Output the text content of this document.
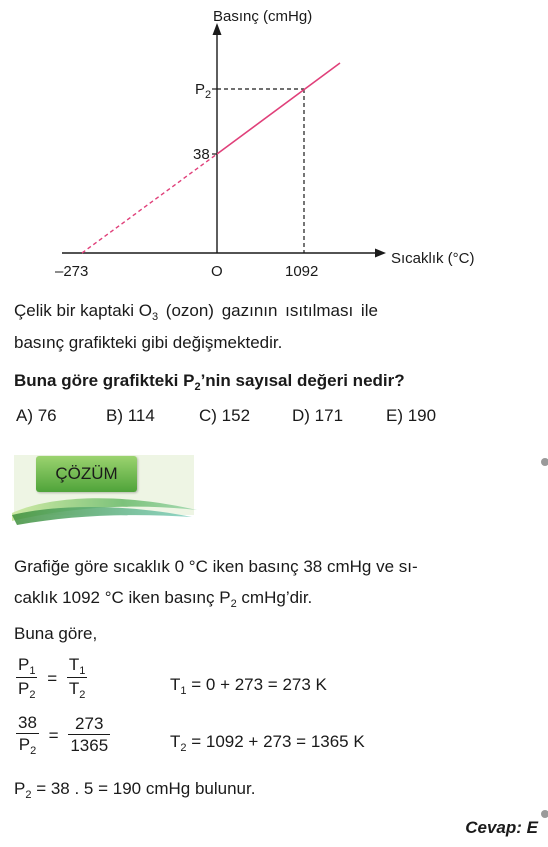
Basınç (cmHg)
Sıcaklık (°C)
$P_2$
38
–273	O	1092
Çelik bir kaptaki $O_3$ (ozon) gazının ısıtılması ile
basınç grafikteki gibi değişmektedir.
Buna göre grafikteki $P_2’nin$ sayısal değeri nedir?
A) 76	B) 114	C) 152 D) 171	E) 190
ÇÖZÜM
Grafiğe göre sıcaklık 0 °C iken basınç 38 cmHg ve sı-
caklık 1092 °C iken basınç $P_2$ cmHg’dir.
Buna göre,
$\frac{P_1}{P_2} = \frac{T_1}{T_2}$	$T_1 = 0 + 273 = 273$ K
$\frac{38}{P_2} = \frac{273}{1365}$	$T_2 = 1092 + 273 = 1365$ K
$P_2 = 38$ . 5 = 190 cmHg bulunur.
Cevap: E
